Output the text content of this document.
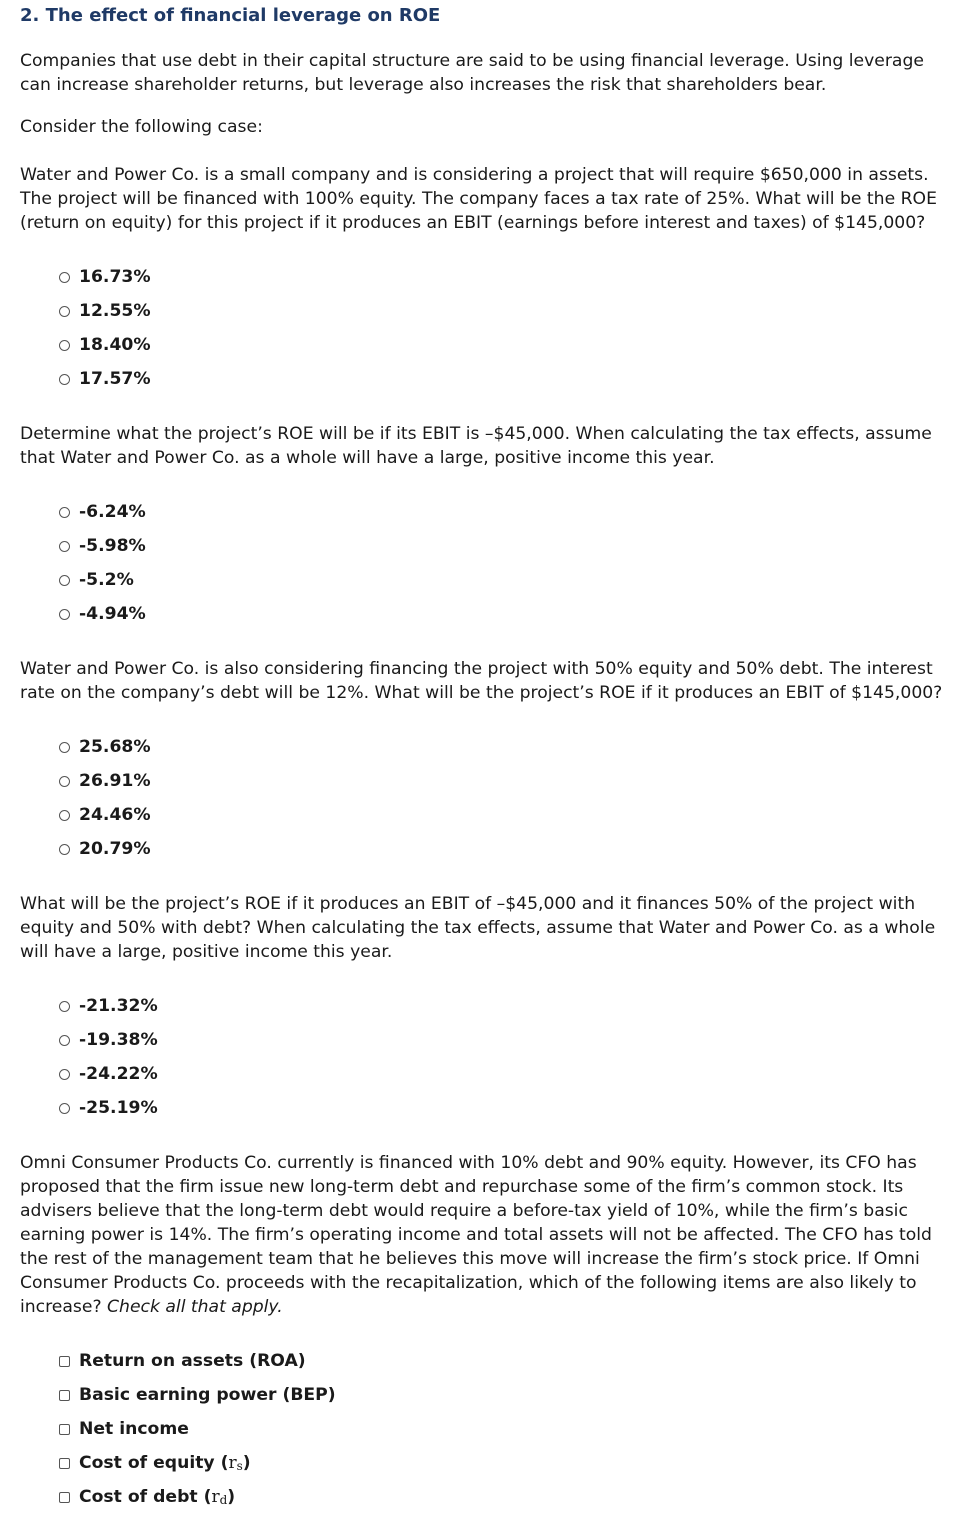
2. The effect of financial leverage on ROE

Companies that use debt in their capital structure are said to be using financial leverage. Using leverage can increase shareholder returns, but leverage also increases the risk that shareholders bear.

Consider the following case:

Water and Power Co. is a small company and is considering a project that will require $650,000 in assets. The project will be financed with 100% equity. The company faces a tax rate of 25%. What will be the ROE (return on equity) for this project if it produces an EBIT (earnings before interest and taxes) of $145,000?

16.73%
12.55%
18.40%
17.57%

Determine what the project’s ROE will be if its EBIT is –$45,000. When calculating the tax effects, assume that Water and Power Co. as a whole will have a large, positive income this year.

-6.24%
-5.98%
-5.2%
-4.94%

Water and Power Co. is also considering financing the project with 50% equity and 50% debt. The interest rate on the company’s debt will be 12%. What will be the project’s ROE if it produces an EBIT of $145,000?

25.68%
26.91%
24.46%
20.79%

What will be the project’s ROE if it produces an EBIT of –$45,000 and it finances 50% of the project with equity and 50% with debt? When calculating the tax effects, assume that Water and Power Co. as a whole will have a large, positive income this year.

-21.32%
-19.38%
-24.22%
-25.19%

Omni Consumer Products Co. currently is financed with 10% debt and 90% equity. However, its CFO has proposed that the firm issue new long-term debt and repurchase some of the firm’s common stock. Its advisers believe that the long-term debt would require a before-tax yield of 10%, while the firm’s basic earning power is 14%. The firm’s operating income and total assets will not be affected. The CFO has told the rest of the management team that he believes this move will increase the firm’s stock price. If Omni Consumer Products Co. proceeds with the recapitalization, which of the following items are also likely to increase? Check all that apply.

Return on assets (ROA)
Basic earning power (BEP)
Net income
Cost of equity (rs)
Cost of debt (rd)
